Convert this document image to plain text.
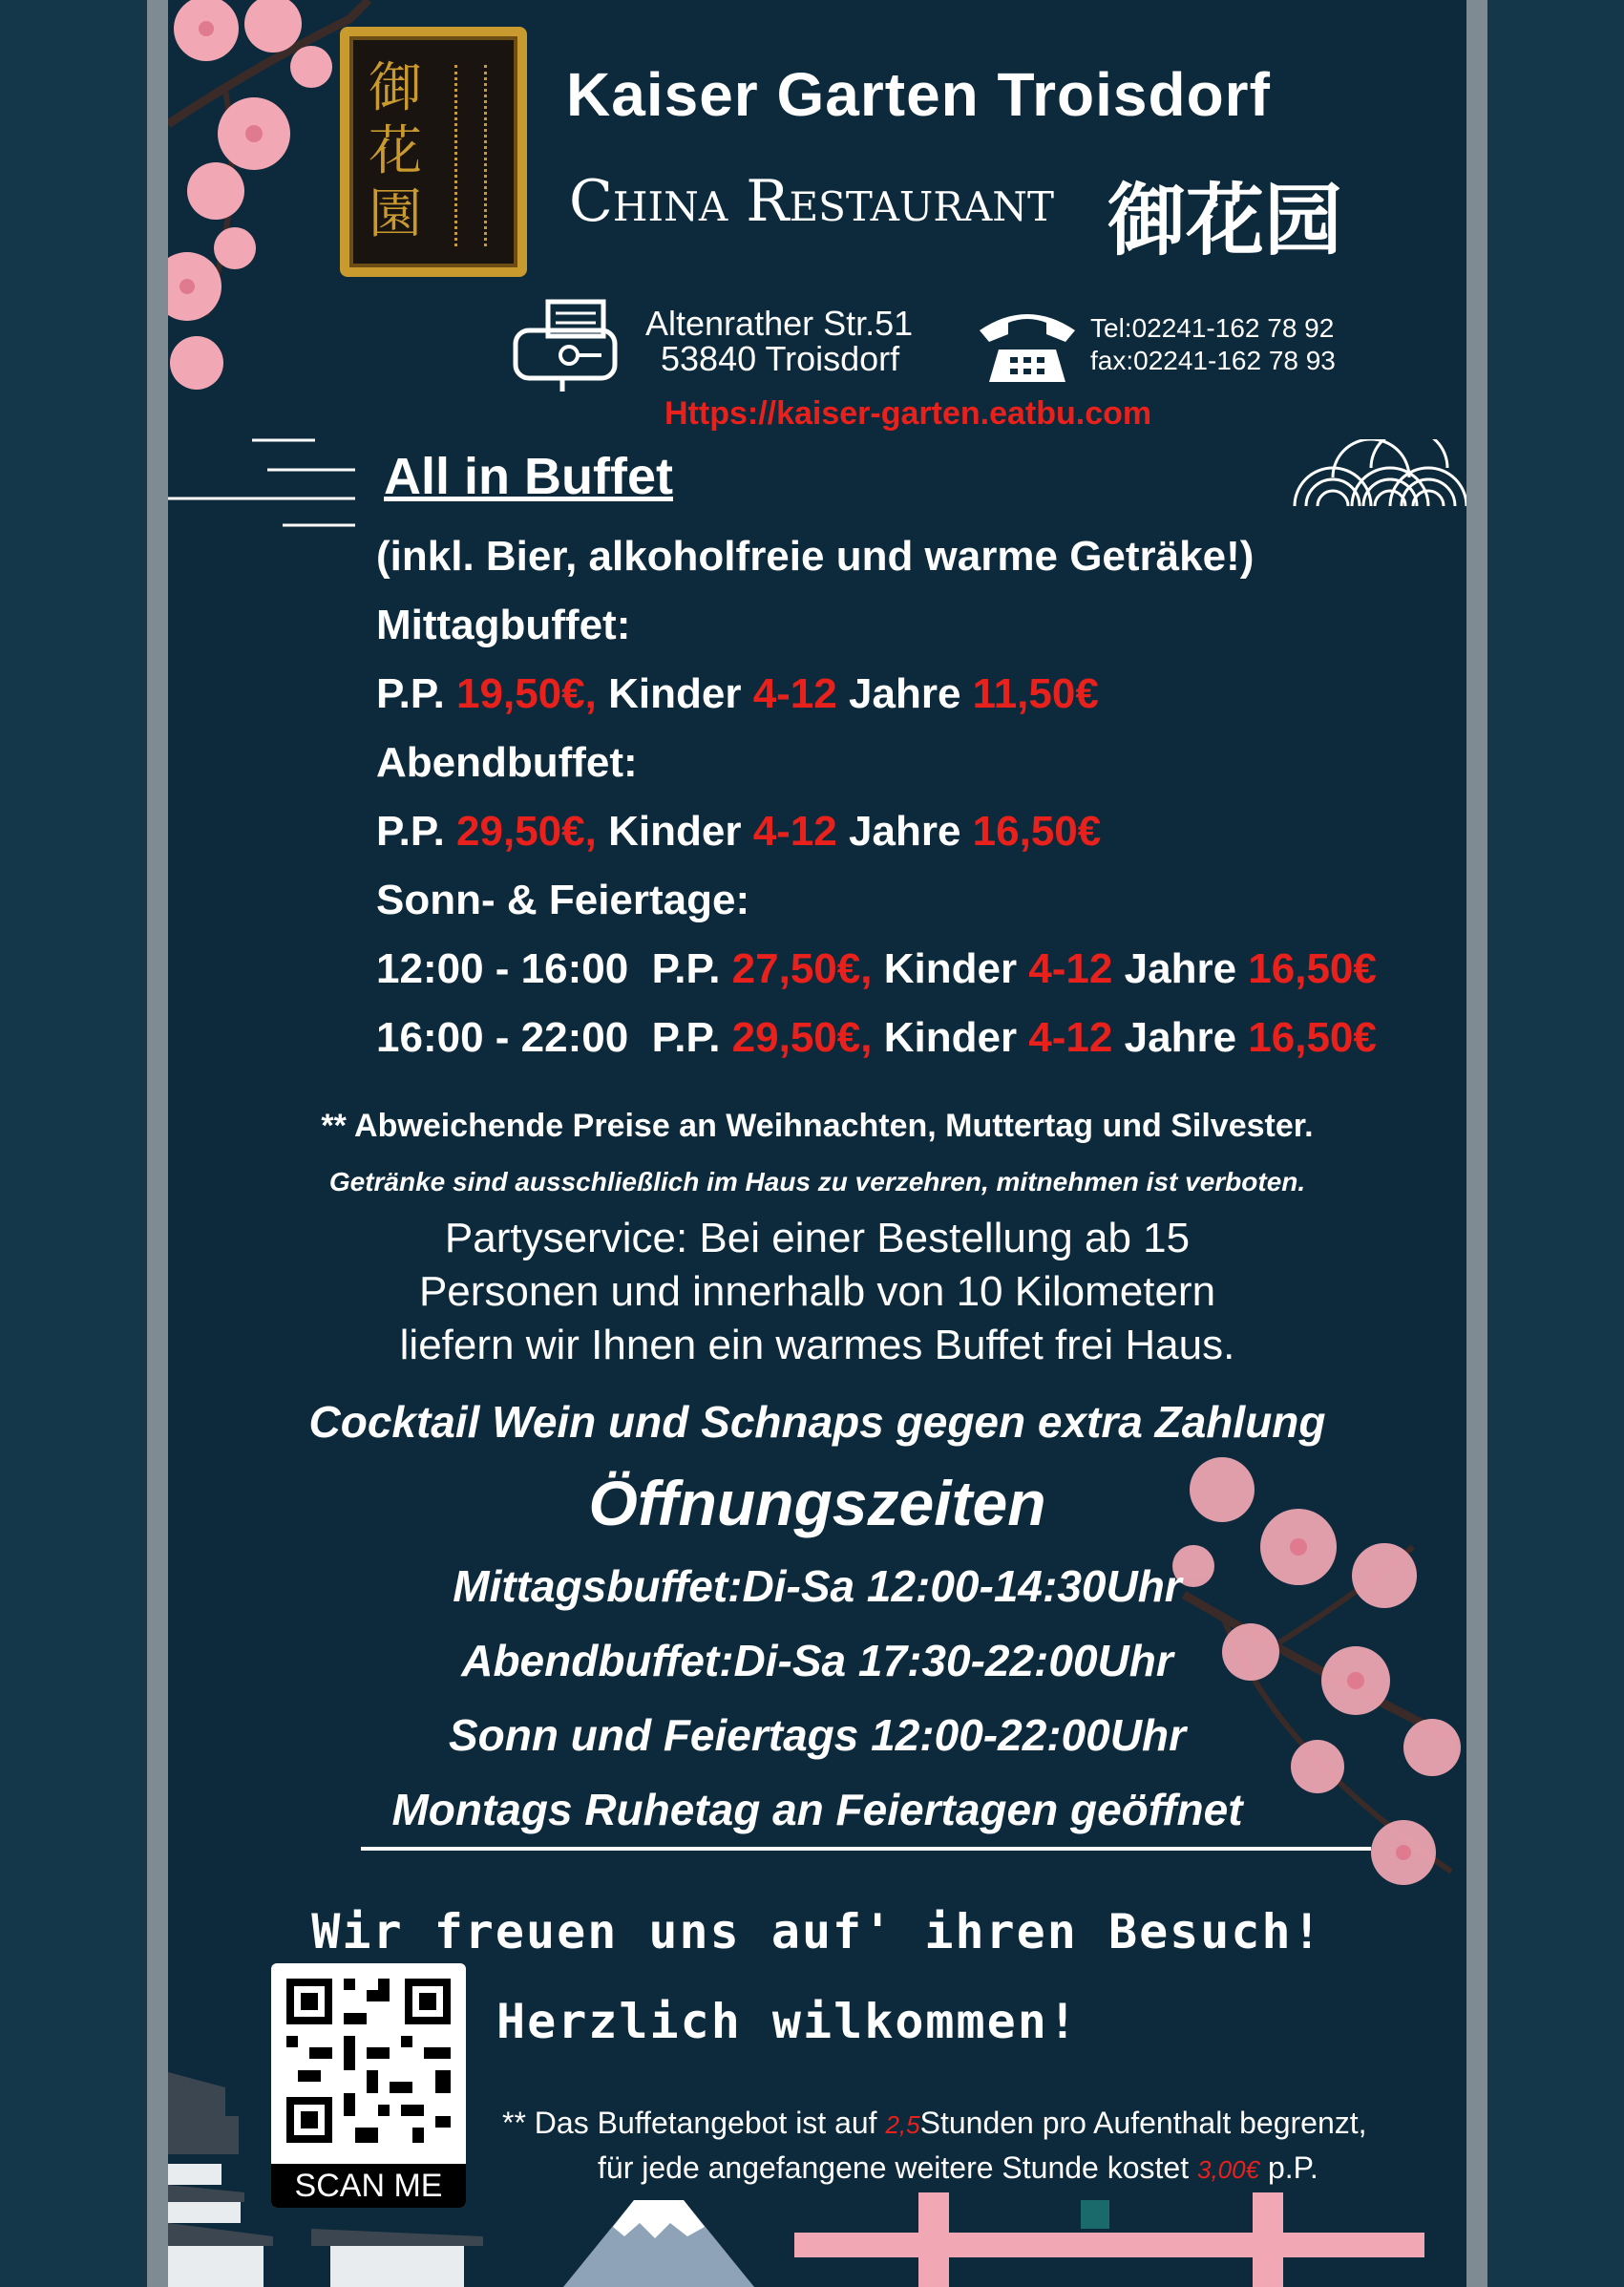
御花園
Kaiser Garten Troisdorf
China Restaurant 御花园
Altenrather Str.51
53840 Troisdorf
Tel:02241-162 78 92
fax:02241-162 78 93
Https://kaiser-garten.eatbu.com
All in Buffet
(inkl. Bier, alkoholfreie und warme Geträke!)
Mittagbuffet:
P.P. 19,50€, Kinder 4-12 Jahre 11,50€
Abendbuffet:
P.P. 29,50€, Kinder 4-12 Jahre 16,50€
Sonn- & Feiertage:
12:00 - 16:00 P.P. 27,50€, Kinder 4-12 Jahre 16,50€
16:00 - 22:00 P.P. 29,50€, Kinder 4-12 Jahre 16,50€
** Abweichende Preise an Weihnachten, Muttertag und Silvester.
Getränke sind ausschließlich im Haus zu verzehren, mitnehmen ist verboten.
Partyservice: Bei einer Bestellung ab 15
Personen und innerhalb von 10 Kilometern
liefern wir Ihnen ein warmes Buffet frei Haus.
Cocktail Wein und Schnaps gegen extra Zahlung
Öffnungszeiten
Mittagsbuffet:Di-Sa 12:00-14:30Uhr
Abendbuffet:Di-Sa 17:30-22:00Uhr
Sonn und Feiertags 12:00-22:00Uhr
Montags Ruhetag an Feiertagen geöffnet
Wir freuen uns auf' ihren Besuch!
Herzlich wilkommen!
SCAN ME
** Das Buffetangebot ist auf 2,5Stunden pro Aufenthalt begrenzt,
für jede angefangene weitere Stunde kostet 3,00€ p.P.
